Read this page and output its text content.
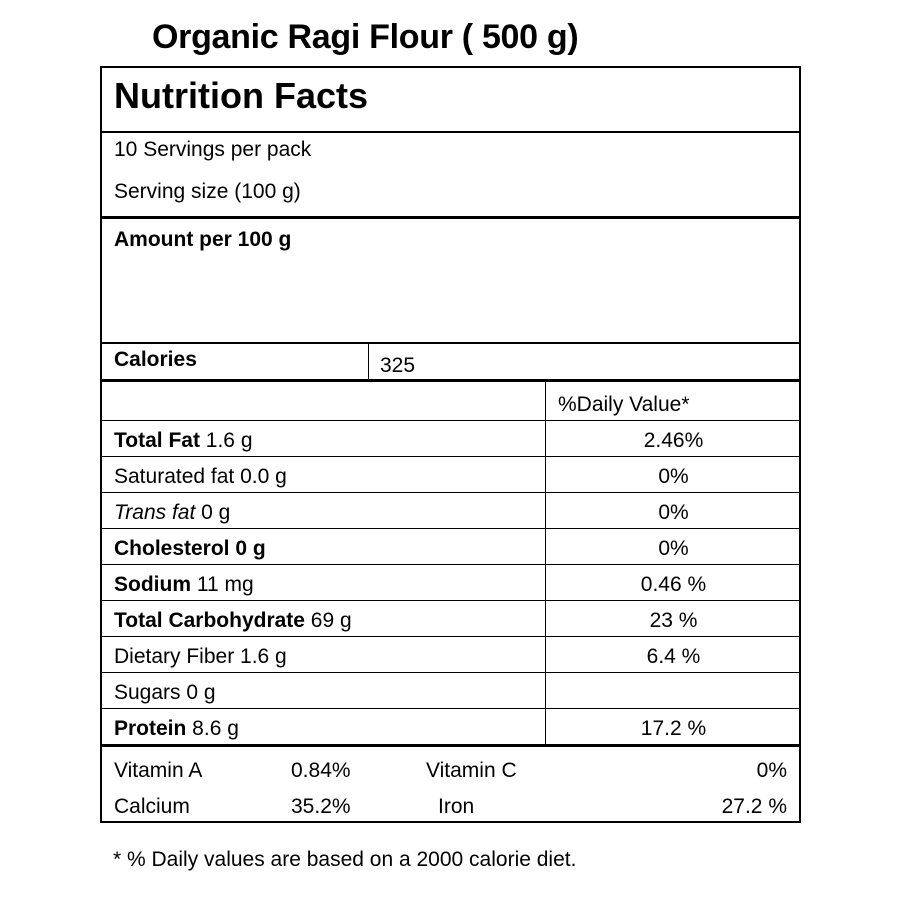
Organic Ragi Flour ( 500 g)
Nutrition Facts
10 Servings per pack
Serving size (100 g)
Amount per 100 g
Calories	325
%Daily Value*
Total Fat 1.6 g	2.46%
Saturated fat 0.0 g	0%
Trans fat 0 g	0%
Cholesterol 0 g	0%
Sodium 11 mg	0.46 %
Total Carbohydrate 69 g	23 %
Dietary Fiber 1.6 g	6.4 %
Sugars 0 g
Protein 8.6 g	17.2 %
Vitamin A	0.84%	Vitamin C	0%
Calcium	35.2%	Iron	27.2 %
* % Daily values are based on a 2000 calorie diet.
